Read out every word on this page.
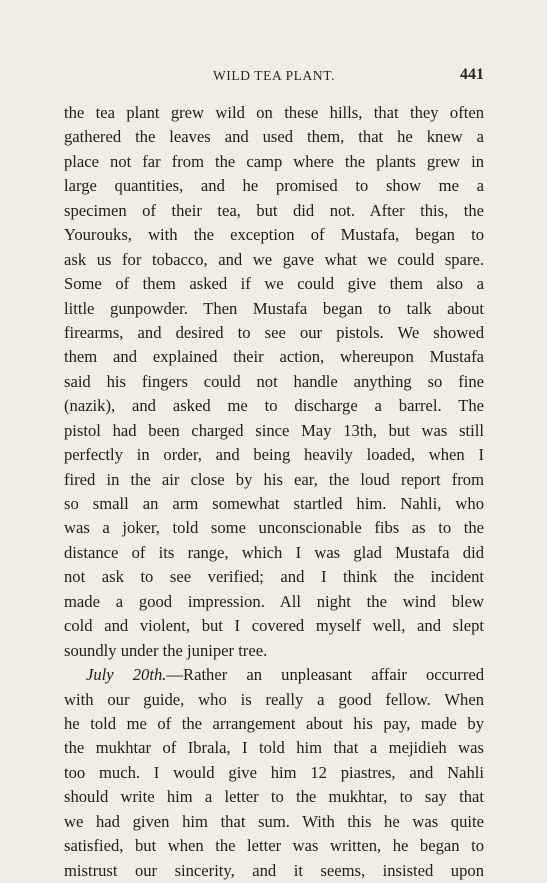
WILD TEA PLANT.	441
the tea plant grew wild on these hills, that they often
gathered the leaves and used them, that he knew a
place not far from the camp where the plants grew in
large quantities, and he promised to show me a
specimen of their tea, but did not. After this, the
Yourouks, with the exception of Mustafa, began to
ask us for tobacco, and we gave what we could spare.
Some of them asked if we could give them also a
little gunpowder. Then Mustafa began to talk about
firearms, and desired to see our pistols. We showed
them and explained their action, whereupon Mustafa
said his fingers could not handle anything so fine
(nazik), and asked me to discharge a barrel. The
pistol had been charged since May 13th, but was still
perfectly in order, and being heavily loaded, when I
fired in the air close by his ear, the loud report from
so small an arm somewhat startled him. Nahli, who
was a joker, told some unconscionable fibs as to the
distance of its range, which I was glad Mustafa did
not ask to see verified; and I think the incident
made a good impression. All night the wind blew
cold and violent, but I covered myself well, and slept
soundly under the juniper tree.
July 20th.—Rather an unpleasant affair occurred
with our guide, who is really a good fellow. When
he told me of the arrangement about his pay, made by
the mukhtar of Ibrala, I told him that a mejidieh was
too much. I would give him 12 piastres, and Nahli
should write him a letter to the mukhtar, to say that
we had given him that sum. With this he was quite
satisfied, but when the letter was written, he began to
mistrust our sincerity, and it seems, insisted upon
